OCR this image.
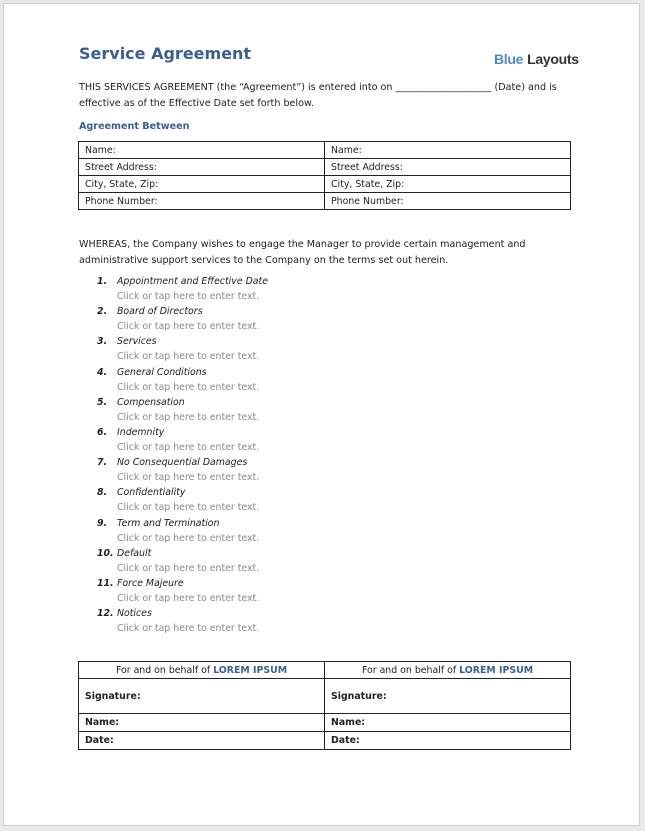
Service Agreement	Blue Layouts
THIS SERVICES AGREEMENT (the “Agreement”) is entered into on ____________________ (Date) and is effective as of the Effective Date set forth below.
Agreement Between
Name:	Name:
Street Address:	Street Address:
City, State, Zip:	City, State, Zip:
Phone Number:	Phone Number:
WHEREAS, the Company wishes to engage the Manager to provide certain management and administrative support services to the Company on the terms set out herein.
1.	Appointment and Effective Date
Click or tap here to enter text.
2.	Board of Directors
Click or tap here to enter text.
3.	Services
Click or tap here to enter text.
4.	General Conditions
Click or tap here to enter text.
5.	Compensation
Click or tap here to enter text.
6.	Indemnity
Click or tap here to enter text.
7.	No Consequential Damages
Click or tap here to enter text.
8.	Confidentiality
Click or tap here to enter text.
9.	Term and Termination
Click or tap here to enter text.
10. Default
Click or tap here to enter text.
11. Force Majeure
Click or tap here to enter text.
12. Notices
Click or tap here to enter text.
For and on behalf of LOREM IPSUM	For and on behalf of LOREM IPSUM
Signature:	Signature:
Name:	Name:
Date:	Date:
